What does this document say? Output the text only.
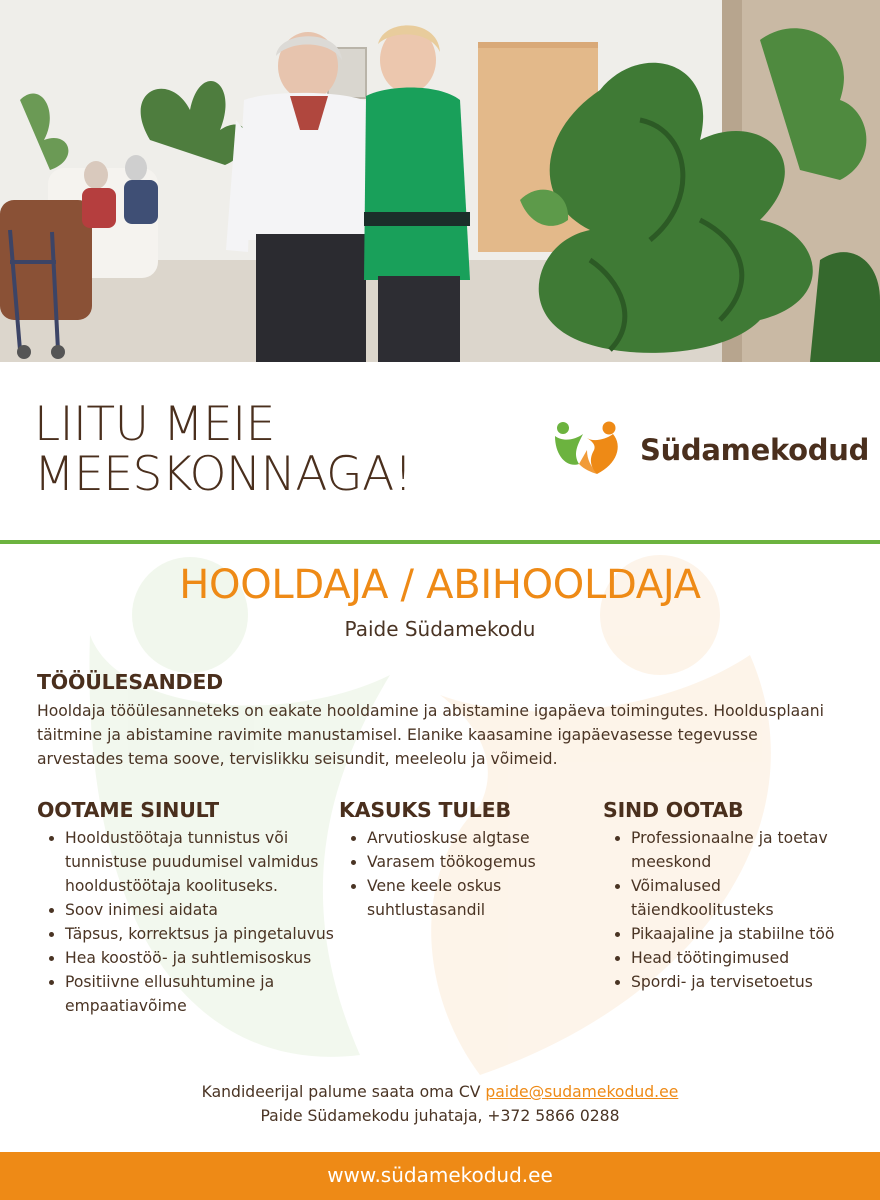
LIITU MEIE
MEESKONNAGA!	Südamekodud
HOOLDAJA / ABIHOOLDAJA
Paide Südamekodu
TÖÖÜLESANDED

Hooldaja tööülesanneteks on eakate hooldamine ja abistamine igapäeva toimingutes. Hooldusplaani täitmine ja abistamine ravimite manustamisel. Elanike kaasamine igapäevasesse tegevusse arvestades tema soove, tervislikku seisundit, meeleolu ja võimeid.

OOTAME SINULT
Hooldustöötaja tunnistus või tunnistuse puudumisel valmidus hooldustöötaja koolituseks.
Soov inimesi aidata
Täpsus, korrektsus ja pingetaluvus
Hea koostöö- ja suhtlemisoskus
Positiivne ellusuhtumine ja empaatiavõime
KASUKS TULEB
Arvutioskuse algtase
Varasem töökogemus
Vene keele oskus suhtlustasandil
SIND OOTAB
Professionaalne ja toetav meeskond
Võimalused täiendkoolitusteks
Pikaajaline ja stabiilne töö
Head töötingimused
Spordi- ja tervisetoetus
Kandideerijal palume saata oma CV paide@sudamekodud.ee
Paide Südamekodu juhataja, +372 5866 0288
www.südamekodud.ee
